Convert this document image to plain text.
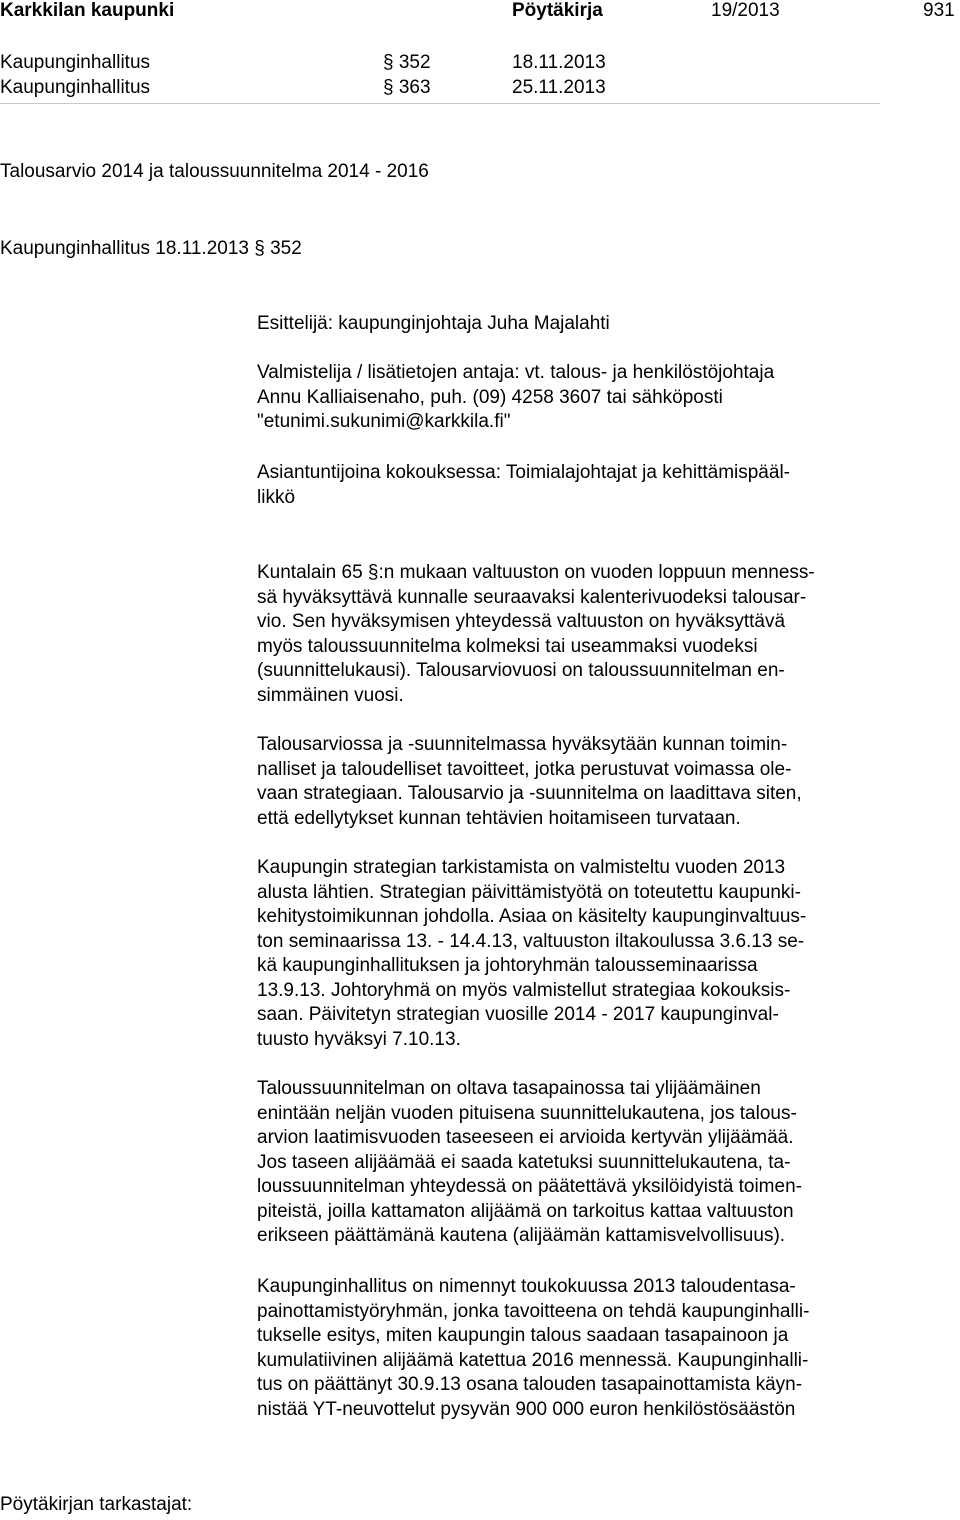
Karkkilan kaupunki	Pöytäkirja	19/2013	931
Kaupunginhallitus	§ 352	18.11.2013
Kaupunginhallitus	§ 363	25.11.2013
Talousarvio 2014 ja taloussuunnitelma 2014 - 2016
Kaupunginhallitus 18.11.2013 § 352
Esittelijä: kaupunginjohtaja Juha Majalahti
Valmistelija / lisätietojen antaja: vt. talous- ja henkilöstöjohtaja
Annu Kalliaisenaho, puh. (09) 4258 3607 tai sähköposti
"etunimi.sukunimi@karkkila.fi"
Asiantuntijoina kokouksessa: Toimialajohtajat ja kehittämispääl-
likkö
Kuntalain 65 §:n mukaan valtuuston on vuoden loppuun menness-
sä hyväksyttävä kunnalle seuraavaksi kalenterivuodeksi talousar-
vio. Sen hyväksymisen yhteydessä valtuuston on hyväksyttävä
myös taloussuunnitelma kolmeksi tai useammaksi vuodeksi
(suunnittelukausi). Talousarviovuosi on taloussuunnitelman en-
simmäinen vuosi.
Talousarviossa ja -suunnitelmassa hyväksytään kunnan toimin-
nalliset ja taloudelliset tavoitteet, jotka perustuvat voimassa ole-
vaan strategiaan. Talousarvio ja -suunnitelma on laadittava siten,
että edellytykset kunnan tehtävien hoitamiseen turvataan.
Kaupungin strategian tarkistamista on valmisteltu vuoden 2013
alusta lähtien. Strategian päivittämistyötä on toteutettu kaupunki-
kehitystoimikunnan johdolla. Asiaa on käsitelty kaupunginvaltuus-
ton seminaarissa 13. - 14.4.13, valtuuston iltakoulussa 3.6.13 se-
kä kaupunginhallituksen ja johtoryhmän talousseminaarissa
13.9.13. Johtoryhmä on myös valmistellut strategiaa kokouksis-
saan. Päivitetyn strategian vuosille 2014 - 2017 kaupunginval-
tuusto hyväksyi 7.10.13.
Taloussuunnitelman on oltava tasapainossa tai ylijäämäinen
enintään neljän vuoden pituisena suunnittelukautena, jos talous-
arvion laatimisvuoden taseeseen ei arvioida kertyvän ylijäämää.
Jos taseen alijäämää ei saada katetuksi suunnittelukautena, ta-
loussuunnitelman yhteydessä on päätettävä yksilöidyistä toimen-
piteistä, joilla kattamaton alijäämä on tarkoitus kattaa valtuuston
erikseen päättämänä kautena (alijäämän kattamisvelvollisuus).
Kaupunginhallitus on nimennyt toukokuussa 2013 taloudentasa-
painottamistyöryhmän, jonka tavoitteena on tehdä kaupunginhalli-
tukselle esitys, miten kaupungin talous saadaan tasapainoon ja
kumulatiivinen alijäämä katettua 2016 mennessä. Kaupunginhalli-
tus on päättänyt 30.9.13 osana talouden tasapainottamista käyn-
nistää YT-neuvottelut pysyvän 900 000 euron henkilöstösäästön
Pöytäkirjan tarkastajat:
